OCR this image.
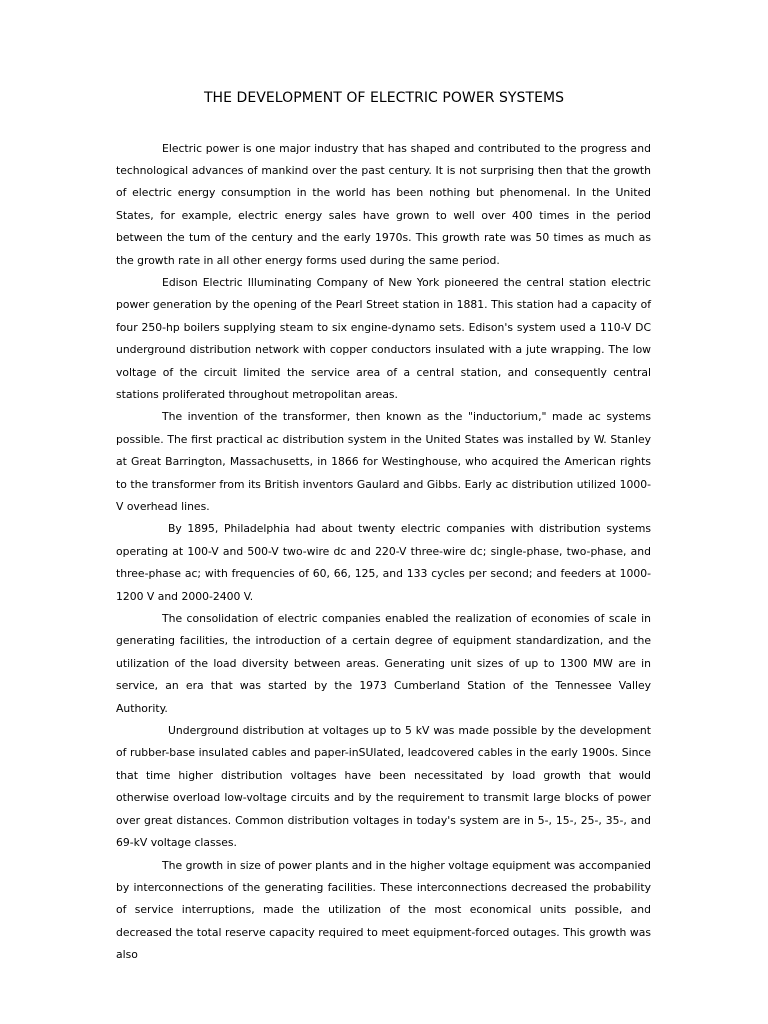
THE DEVELOPMENT OF ELECTRIC POWER SYSTEMS

Electric power is one major industry that has shaped and contributed to the progress and technological advances of mankind over the past century. It is not surprising then that the growth of electric energy consumption in the world has been nothing but phenomenal. In the United States, for example, electric energy sales have grown to well over 400 times in the period between the tum of the century and the early 1970s. This growth rate was 50 times as much as the growth rate in all other energy forms used during the same period.

Edison Electric Illuminating Company of New York pioneered the central station electric power generation by the opening of the Pearl Street station in 1881. This station had a capacity of four 250-hp boilers supplying steam to six engine-dynamo sets. Edison's system used a 110-V DC underground distribution network with copper conductors insulated with a jute wrapping. The low voltage of the circuit limited the service area of a central station, and consequently central stations proliferated throughout metropolitan areas.

The invention of the transformer, then known as the "inductorium," made ac systems possible. The first practical ac distribution system in the United States was installed by W. Stanley at Great Barrington, Massachusetts, in 1866 for Westinghouse, who acquired the American rights to the transformer from its British inventors Gaulard and Gibbs. Early ac distribution utilized 1000-V overhead lines.

By 1895, Philadelphia had about twenty electric companies with distribution systems operating at 100-V and 500-V two-wire dc and 220-V three-wire dc; single-phase, two-phase, and three-phase ac; with frequencies of 60, 66, 125, and 133 cycles per second; and feeders at 1000-1200 V and 2000-2400 V.

The consolidation of electric companies enabled the realization of economies of scale in generating facilities, the introduction of a certain degree of equipment standardization, and the utilization of the load diversity between areas. Generating unit sizes of up to 1300 MW are in service, an era that was started by the 1973 Cumberland Station of the Tennessee Valley Authority.

Underground distribution at voltages up to 5 kV was made possible by the development of rubber-base insulated cables and paper-inSUlated, leadcovered cables in the early 1900s. Since that time higher distribution voltages have been necessitated by load growth that would otherwise overload low-voltage circuits and by the requirement to transmit large blocks of power over great distances. Common distribution voltages in today's system are in 5-, 15-, 25-, 35-, and 69-kV voltage classes.

The growth in size of power plants and in the higher voltage equipment was accompanied by interconnections of the generating facilities. These interconnections decreased the probability of service interruptions, made the utilization of the most economical units possible, and decreased the total reserve capacity required to meet equipment-forced outages. This growth was also
